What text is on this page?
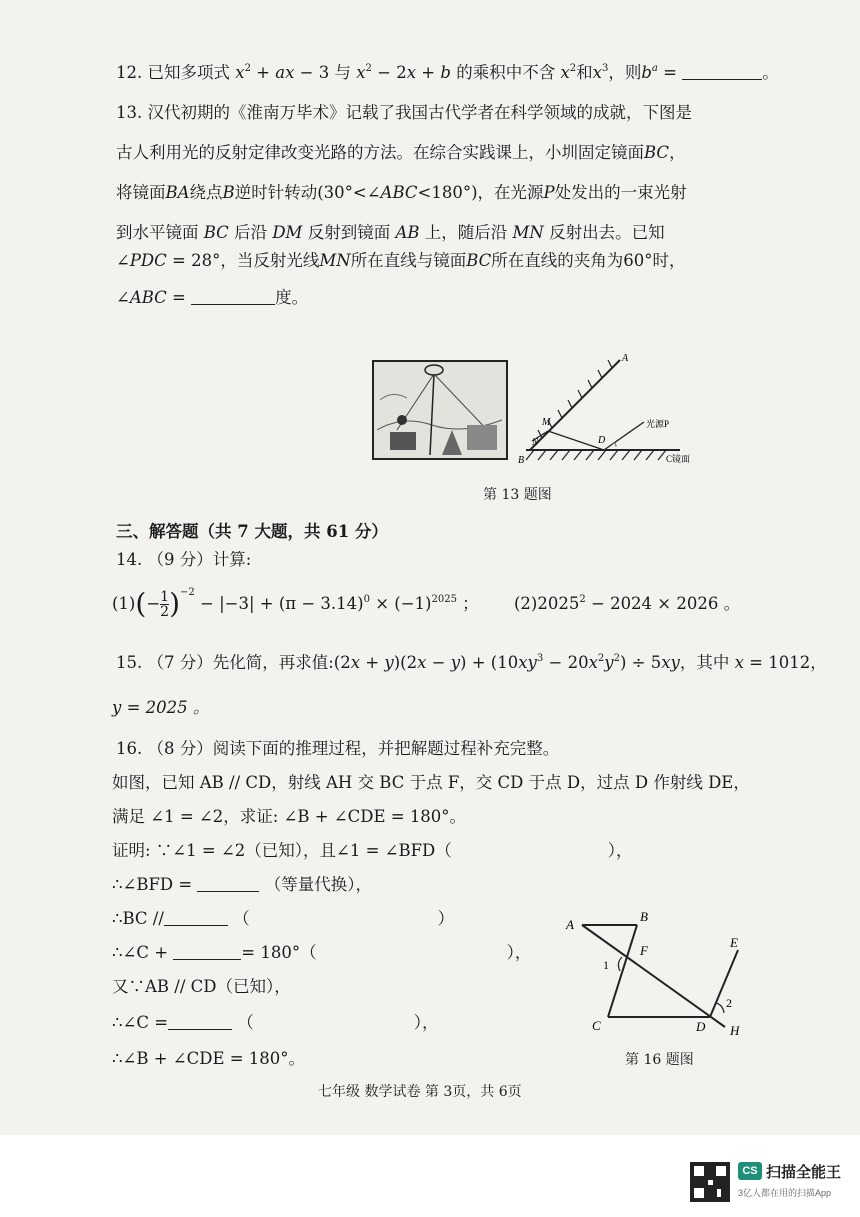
12. 已知多项式 $x^2$ + ax − 3 与 $x^2 - 2x + b$ 的乘积中不含 $x^2$和$x^3$，则$b^a$ =	。
13. 汉代初期的《淮南万毕术》记载了我国古代学者在科学领域的成就，下图是
古人利用光的反射定律改变光路的方法。在综合实践课上，小圳固定镜面BC，
将镜面BA绕点B逆时针转动(30°<∠ABC<180°)，在光源P处发出的一束光射
到水平镜面 BC 后沿 DM 反射到镜面 AB 上，随后沿 MN 反射出去。已知
∠PDC = 28°，当反射光线MN所在直线与镜面BC所在直线的夹角为60°时，
∠ABC =	度。
A
M
N	D
B
光源P
C镜面
第 13 题图
三、解答题（共 7 大题，共 61 分）
14. （9 分）计算:
$(1)(- \frac{1}{2} )^{-2} - |-3| + (\pi - 3.14)^0 \times (-1)^{2025}$ ； $(2)2025^2 - 2024 \times 2026$ 。
15. （7 分）先化简，再求值:(2x + $y)(2x - y) + (10xy^3 - 20x^2y^2) \div 5xy$，其中 x = 1012，
y = 2025 。
16. （8 分）阅读下面的推理过程，并把解题过程补充完整。
如图，已知 AB // CD，射线 AH 交 BC 于点 F，交 CD 于点 D，过点 D 作射线 DE，
满足 ∠1 = ∠2，求证: ∠B + ∠CDE = 180°。
证明: ∵∠1 = ∠2（已知），且∠1 = ∠BFD（	），
∴∠BFD =	（等量代换），
∴BC //	（	）
∴∠C +	= 180°（	），
又∵AB // CD（已知），
∴∠C =	（	），
∴∠B + ∠CDE = 180°。
A
B
F
E
1
2
C	D H
第 16 题图
七年级 数学试卷 第 3页，共 6页
CS 扫描全能王
3亿人都在用的扫描App
